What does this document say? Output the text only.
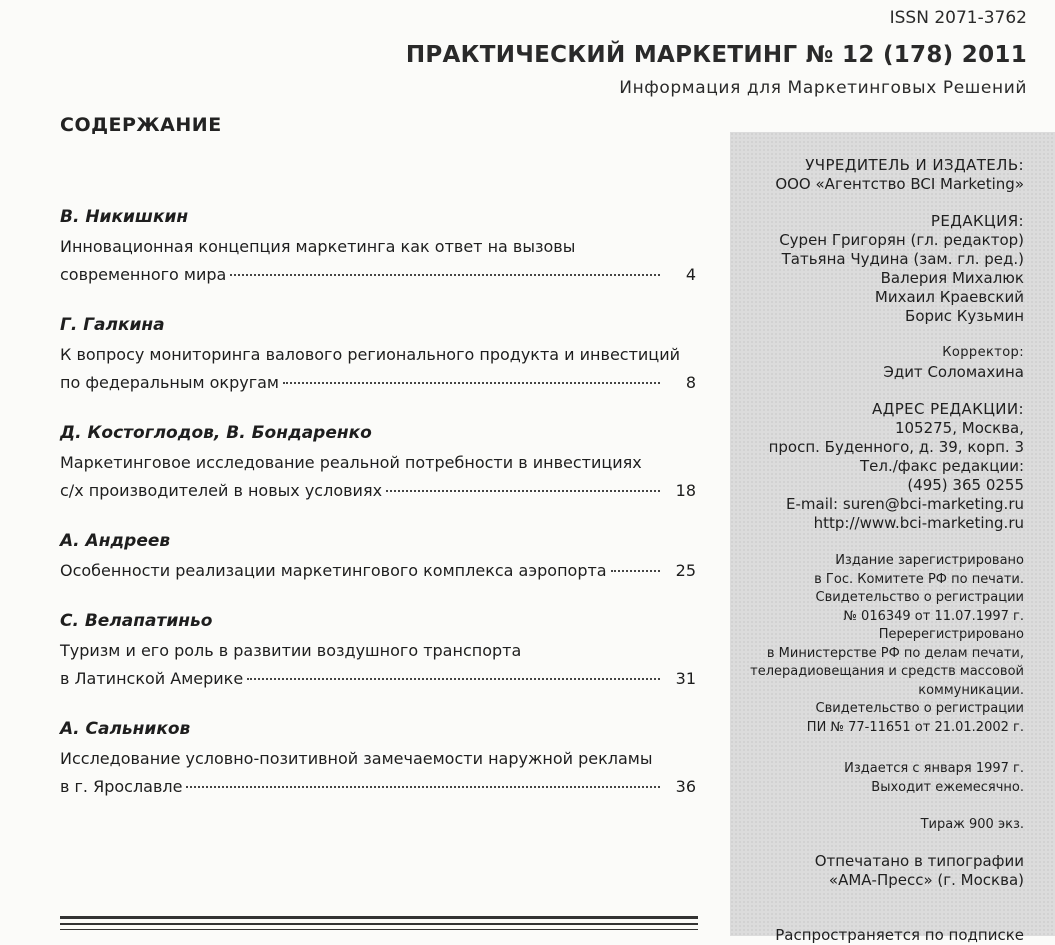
ISSN 2071-3762
ПРАКТИЧЕСКИЙ МАРКЕТИНГ № 12 (178) 2011
Информация для Маркетинговых Решений
СОДЕРЖАНИЕ
В. Никишкин
Инновационная концепция маркетинга как ответ на вызовы
современного мира	4
Г. Галкина
К вопросу мониторинга валового регионального продукта и инвестиций
по федеральным округам	8
Д. Костоглодов, В. Бондаренко
Маркетинговое исследование реальной потребности в инвестициях
с/х производителей в новых условиях	18
А. Андреев
Особенности реализации маркетингового комплекса аэропорта	25
С. Велапатиньо
Туризм и его роль в развитии воздушного транспорта
в Латинской Америке	31
А. Сальников
Исследование условно-позитивной замечаемости наружной рекламы
в г. Ярославле	36
УЧРЕДИТЕЛЬ И ИЗДАТЕЛЬ:
ООО «Агентство BCI Marketing»
РЕДАКЦИЯ:
Сурен Григорян (гл. редактор)
Татьяна Чудина (зам. гл. ред.)
Валерия Михалюк
Михаил Краевский
Борис Кузьмин
Корректор:
Эдит Соломахина
АДРЕС РЕДАКЦИИ:
105275, Москва,
просп. Буденного, д. 39, корп. 3
Тел./факс редакции:
(495) 365 0255
E-mail: suren@bci-marketing.ru
http://www.bci-marketing.ru
Издание зарегистрировано
в Гос. Комитете РФ по печати.
Свидетельство о регистрации
№ 016349 от 11.07.1997 г.
Перерегистрировано
в Министерстве РФ по делам печати,
телерадиовещания и средств массовой
коммуникации.
Свидетельство о регистрации
ПИ № 77-11651 от 21.01.2002 г.
Издается с января 1997 г.
Выходит ежемесячно.
Тираж 900 экз.
Отпечатано в типографии
«АМА-Пресс» (г. Москва)
Распространяется по подписке
